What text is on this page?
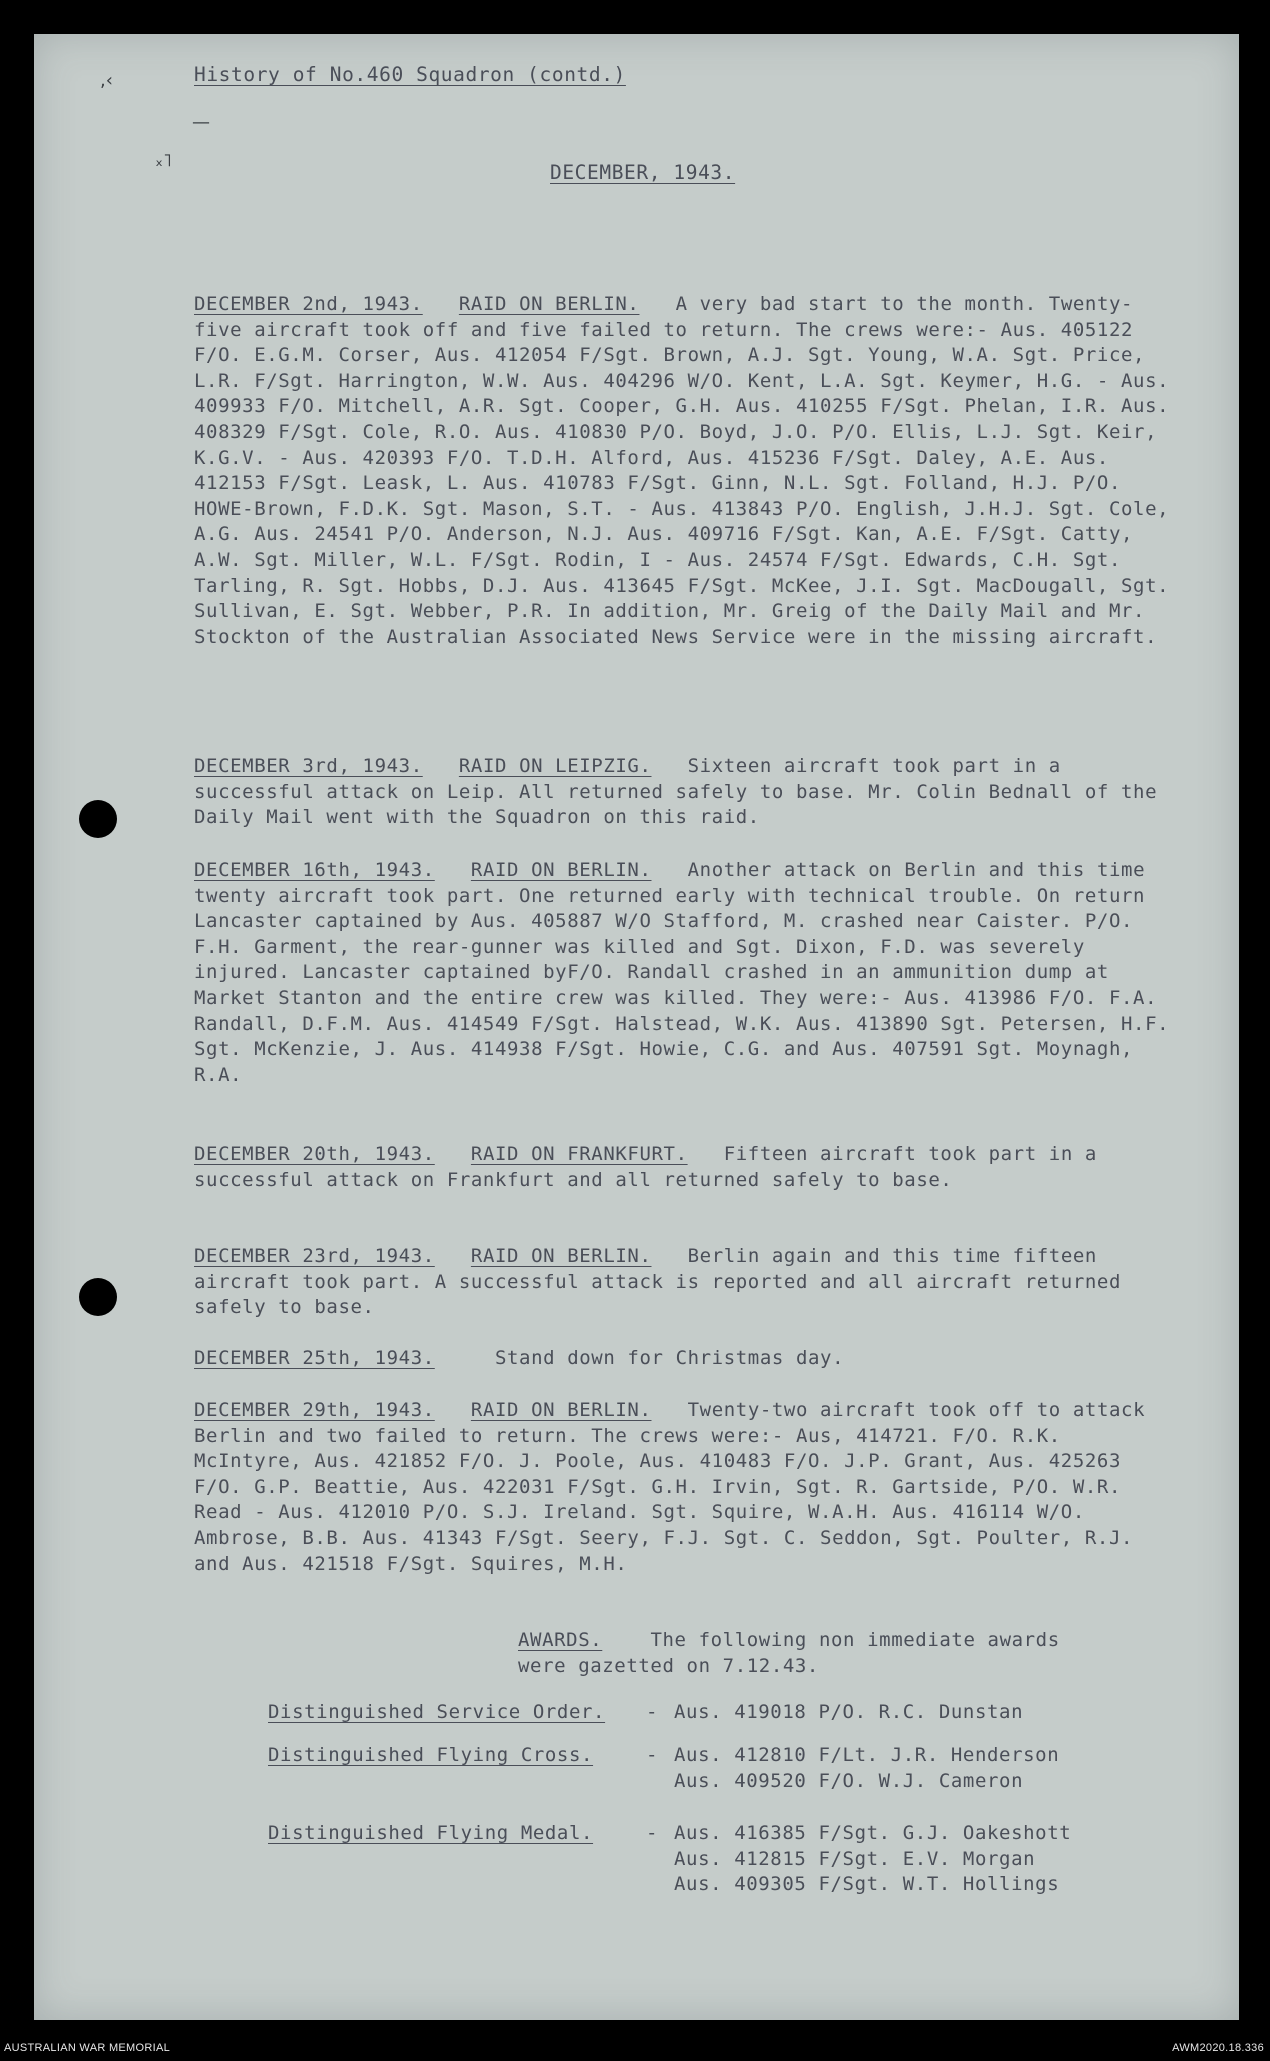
,‹
—
ₓ˥
History of No.460 Squadron (contd.)
DECEMBER, 1943.

DECEMBER 2nd, 1943. RAID ON BERLIN. A very bad start to the month. Twenty-five aircraft took off and five failed to return. The crews were:- Aus. 405122 F/O. E.G.M. Corser, Aus. 412054 F/Sgt. Brown, A.J. Sgt. Young, W.A. Sgt. Price, L.R. F/Sgt. Harrington, W.W. Aus. 404296 W/O. Kent, L.A. Sgt. Keymer, H.G. - Aus. 409933 F/O. Mitchell, A.R. Sgt. Cooper, G.H. Aus. 410255 F/Sgt. Phelan, I.R. Aus. 408329 F/Sgt. Cole, R.O. Aus. 410830 P/O. Boyd, J.O. P/O. Ellis, L.J. Sgt. Keir, K.G.V. - Aus. 420393 F/O. T.D.H. Alford, Aus. 415236 F/Sgt. Daley, A.E. Aus. 412153 F/Sgt. Leask, L. Aus. 410783 F/Sgt. Ginn, N.L. Sgt. Folland, H.J. P/O. HOWE-Brown, F.D.K. Sgt. Mason, S.T. - Aus. 413843 P/O. English, J.H.J. Sgt. Cole, A.G. Aus. 24541 P/O. Anderson, N.J. Aus. 409716 F/Sgt. Kan, A.E. F/Sgt. Catty, A.W. Sgt. Miller, W.L. F/Sgt. Rodin, I - Aus. 24574 F/Sgt. Edwards, C.H. Sgt. Tarling, R. Sgt. Hobbs, D.J. Aus. 413645 F/Sgt. McKee, J.I. Sgt. MacDougall, Sgt. Sullivan, E. Sgt. Webber, P.R. In addition, Mr. Greig of the Daily Mail and Mr. Stockton of the Australian Associated News Service were in the missing aircraft.

DECEMBER 3rd, 1943. RAID ON LEIPZIG. Sixteen aircraft took part in a successful attack on Leip. All returned safely to base. Mr. Colin Bednall of the Daily Mail went with the Squadron on this raid.

DECEMBER 16th, 1943. RAID ON BERLIN. Another attack on Berlin and this time twenty aircraft took part. One returned early with technical trouble. On return Lancaster captained by Aus. 405887 W/O Stafford, M. crashed near Caister. P/O. F.H. Garment, the rear-gunner was killed and Sgt. Dixon, F.D. was severely injured. Lancaster captained byF/O. Randall crashed in an ammunition dump at Market Stanton and the entire crew was killed. They were:- Aus. 413986 F/O. F.A. Randall, D.F.M. Aus. 414549 F/Sgt. Halstead, W.K. Aus. 413890 Sgt. Petersen, H.F. Sgt. McKenzie, J. Aus. 414938 F/Sgt. Howie, C.G. and Aus. 407591 Sgt. Moynagh, R.A.

DECEMBER 20th, 1943. RAID ON FRANKFURT. Fifteen aircraft took part in a successful attack on Frankfurt and all returned safely to base.

DECEMBER 23rd, 1943. RAID ON BERLIN. Berlin again and this time fifteen aircraft took part. A successful attack is reported and all aircraft returned safely to base.

DECEMBER 25th, 1943.	Stand down for Christmas day.

DECEMBER 29th, 1943. RAID ON BERLIN. Twenty-two aircraft took off to attack Berlin and two failed to return. The crews were:- Aus, 414721. F/O. R.K. McIntyre, Aus. 421852 F/O. J. Poole, Aus. 410483 F/O. J.P. Grant, Aus. 425263 F/O. G.P. Beattie, Aus. 422031 F/Sgt. G.H. Irvin, Sgt. R. Gartside, P/O. W.R. Read - Aus. 412010 P/O. S.J. Ireland. Sgt. Squire, W.A.H. Aus. 416114 W/O. Ambrose, B.B. Aus. 41343 F/Sgt. Seery, F.J. Sgt. C. Seddon, Sgt. Poulter, R.J. and Aus. 421518 F/Sgt. Squires, M.H.

AWARDS.	The following non immediate awards were gazetted on 7.12.43.
Distinguished Service Order. - Aus. 419018 P/O. R.C. Dunstan
Distinguished Flying Cross.	- Aus. 412810 F/Lt. J.R. Henderson
Aus. 409520 F/O. W.J. Cameron
Distinguished Flying Medal.	- Aus. 416385 F/Sgt. G.J. Oakeshott
Aus. 412815 F/Sgt. E.V. Morgan
Aus. 409305 F/Sgt. W.T. Hollings
AUSTRALIAN WAR MEMORIAL	AWM2020.18.336
